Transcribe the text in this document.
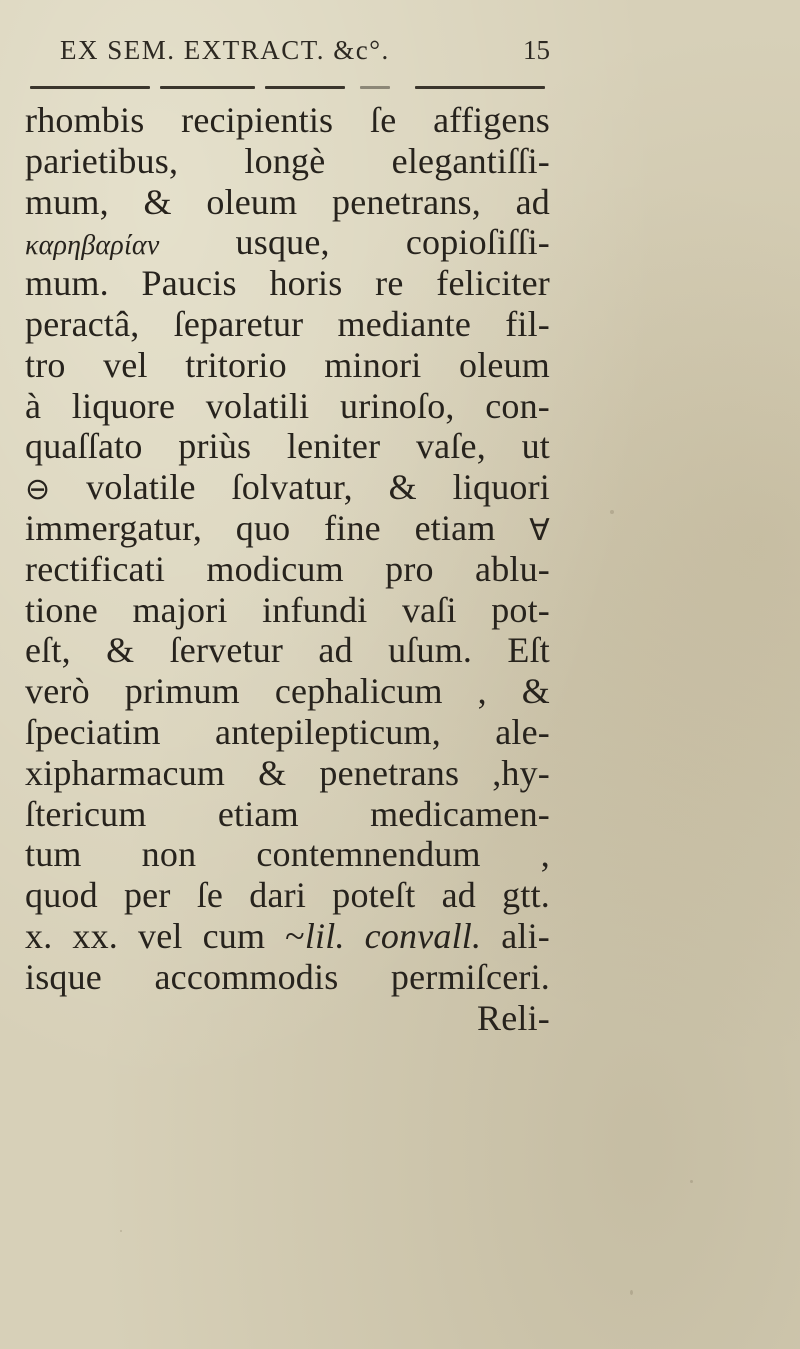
EX SEM. EXTRACT. &c°.	15
rhombis recipientis ſe affigens
parietibus, longè elegantiſſi-
mum, & oleum penetrans, ad
καρηβαρίαν usque, copioſiſſi-
mum. Paucis horis re feliciter
peractâ, ſeparetur mediante fil-
tro vel tritorio minori oleum
à liquore volatili urinoſo, con-
quaſſato priùs leniter vaſe, ut
⊖ volatile ſolvatur, & liquori
immergatur, quo fine etiam ∀
rectificati modicum pro ablu-
tione majori infundi vaſi pot-
eſt, & ſervetur ad uſum. Eſt
verò primum cephalicum , &
ſpeciatim antepilepticum, ale-
xipharmacum & penetrans ,hy-
ſtericum etiam medicamen-
tum non contemnendum ,
quod per ſe dari poteſt ad gtt.
x. xx. vel cum ~lil. convall. ali-
isque accommodis permiſceri.
Reli-
